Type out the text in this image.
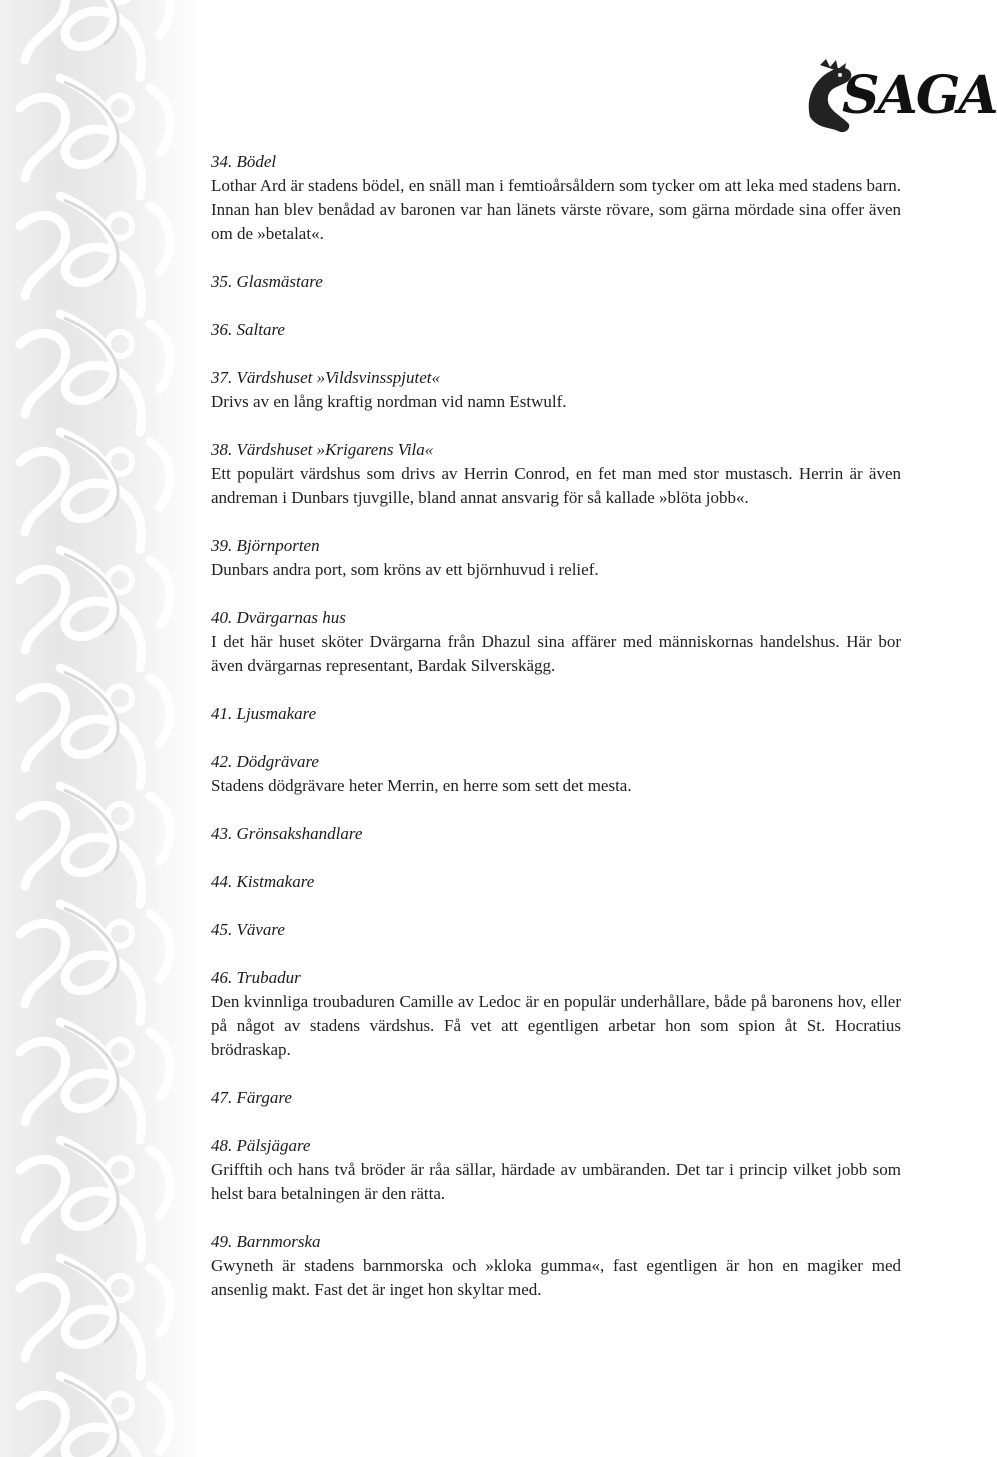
SAGA
34. Bödel

Lothar Ard är stadens bödel, en snäll man i femtioårsåldern som tycker om att leka med stadens barn. Innan han blev benådad av baronen var han länets värste rövare, som gärna mördade sina offer även om de »betalat«.

35. Glasmästare
36. Saltare
37. Värdshuset »Vildsvinsspjutet«

Drivs av en lång kraftig nordman vid namn Estwulf.

38. Värdshuset »Krigarens Vila«

Ett populärt värdshus som drivs av Herrin Conrod, en fet man med stor mustasch. Herrin är även andreman i Dunbars tjuvgille, bland annat ansvarig för så kallade »blöta jobb«.

39. Björnporten

Dunbars andra port, som kröns av ett björnhuvud i relief.

40. Dvärgarnas hus

I det här huset sköter Dvärgarna från Dhazul sina affärer med människornas handelshus. Här bor även dvärgarnas representant, Bardak Silverskägg.

41. Ljusmakare
42. Dödgrävare

Stadens dödgrävare heter Merrin, en herre som sett det mesta.

43. Grönsakshandlare
44. Kistmakare
45. Vävare
46. Trubadur

Den kvinnliga troubaduren Camille av Ledoc är en populär underhållare, både på baronens hov, eller på något av stadens värdshus. Få vet att egentligen arbetar hon som spion åt St. Hocratius brödraskap.

47. Färgare
48. Pälsjägare

Grifftih och hans två bröder är råa sällar, härdade av umbäranden. Det tar i princip vilket jobb som helst bara betalningen är den rätta.

49. Barnmorska

Gwyneth är stadens barnmorska och »kloka gumma«, fast egentligen är hon en magiker med ansenlig makt. Fast det är inget hon skyltar med.
